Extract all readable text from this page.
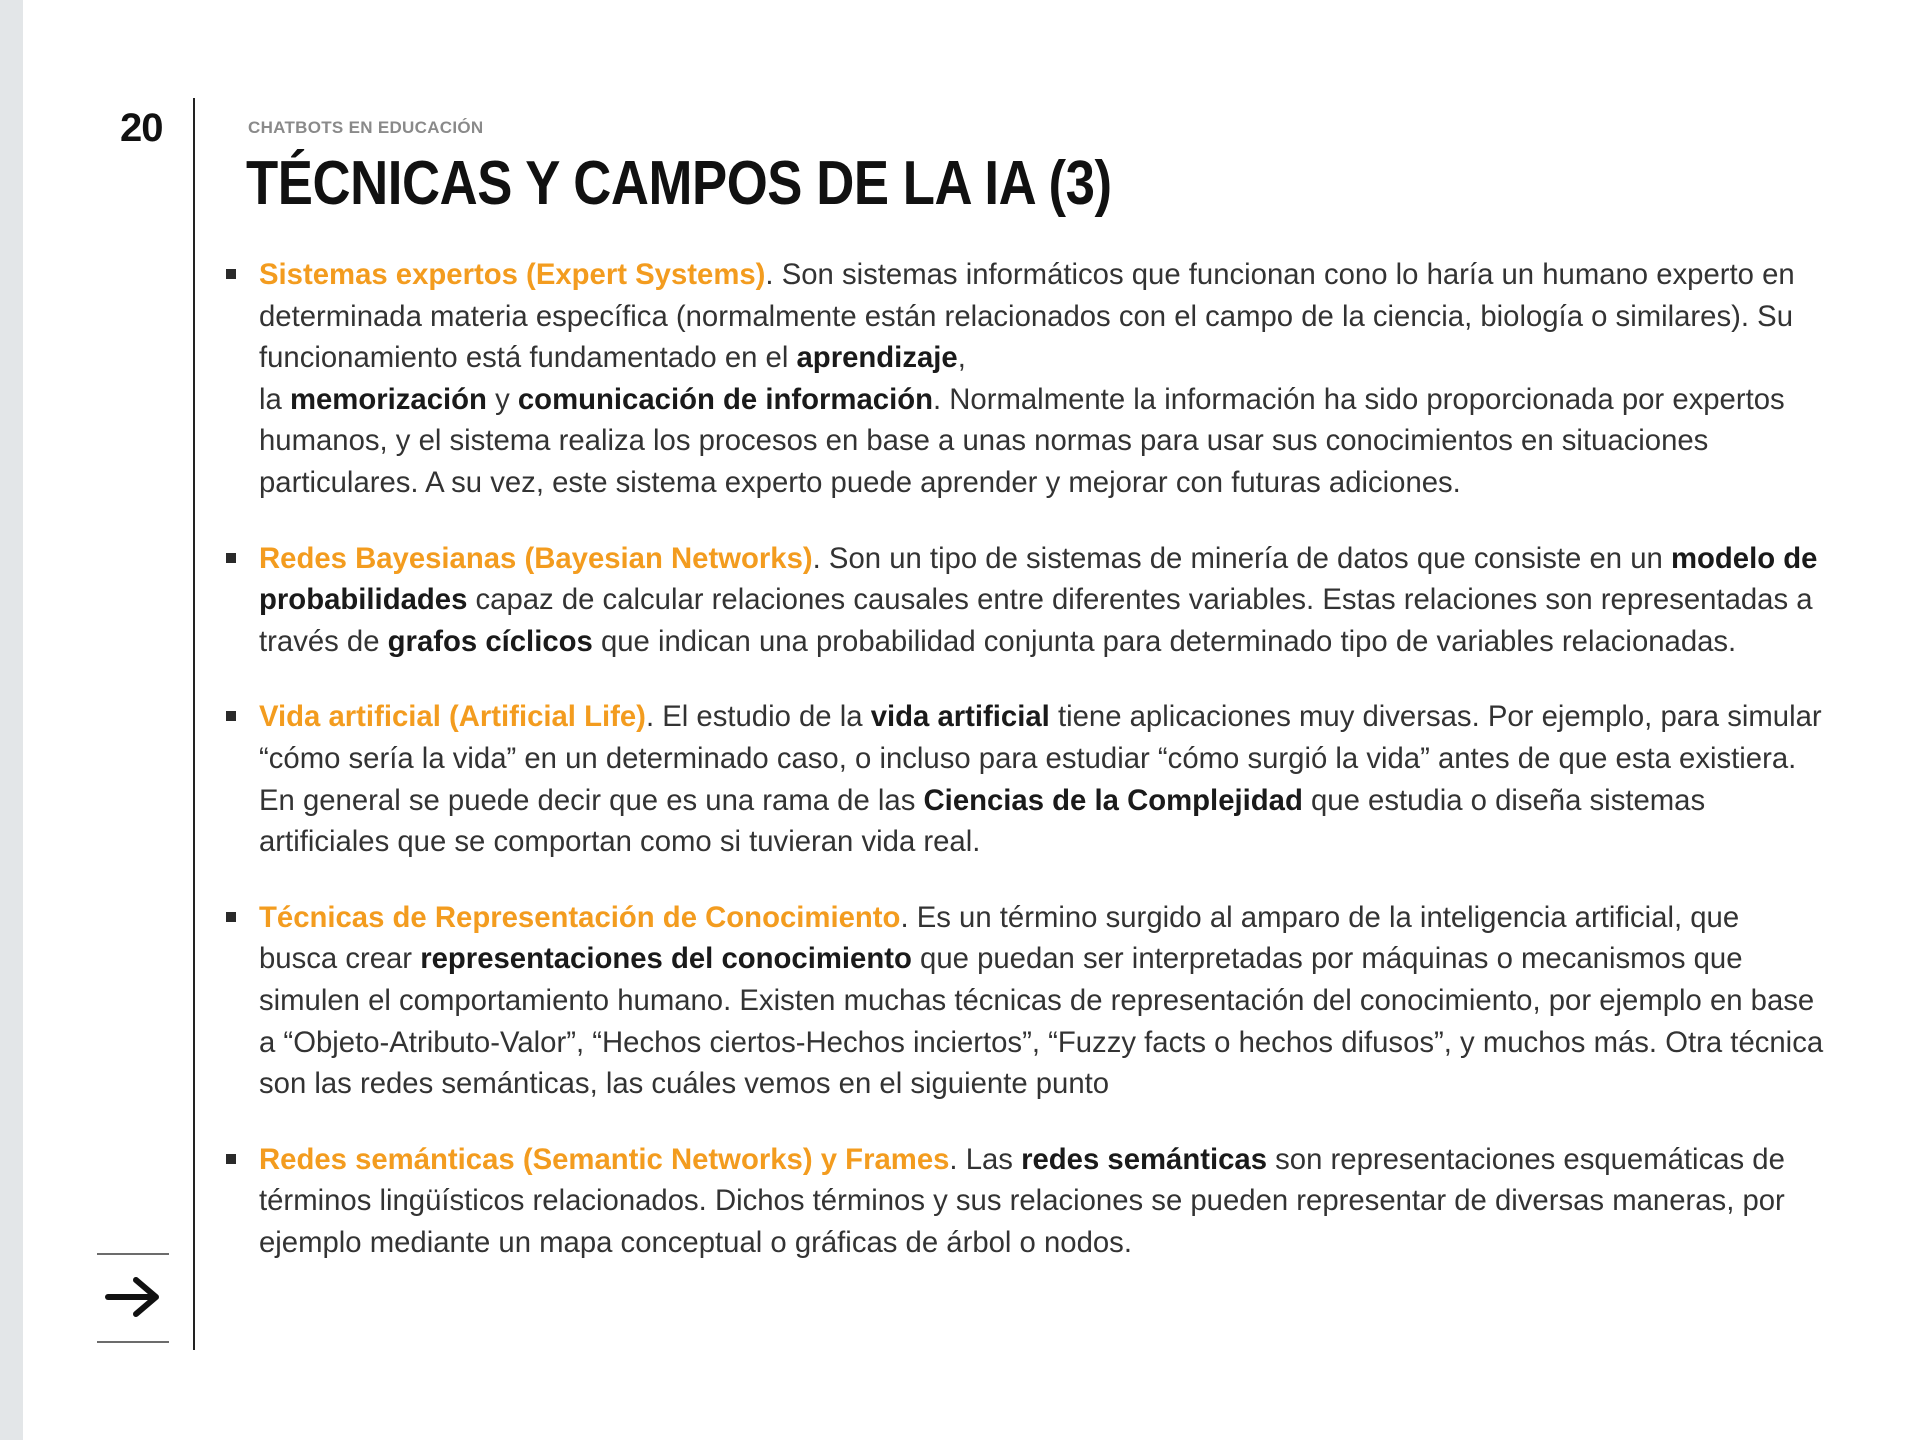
20	CHATBOTS EN EDUCACIÓN
TÉCNICAS Y CAMPOS DE LA IA (3)

Sistemas expertos (Expert Systems). Son sistemas informáticos que funcionan cono lo haría un humano experto en determinada materia específica (normalmente están relacionados con el campo de la ciencia, biología o similares). Su funcionamiento está fundamentado en el aprendizaje,
la memorización y comunicación de información. Normalmente la información ha sido proporcionada por expertos humanos, y el sistema realiza los procesos en base a unas normas para usar sus conocimientos en situaciones particulares. A su vez, este sistema experto puede aprender y mejorar con futuras adiciones.

Redes Bayesianas (Bayesian Networks). Son un tipo de sistemas de minería de datos que consiste en un modelo de probabilidades capaz de calcular relaciones causales entre diferentes variables. Estas relaciones son representadas a través de grafos cíclicos que indican una probabilidad conjunta para determinado tipo de variables relacionadas.

Vida artificial (Artificial Life). El estudio de la vida artificial tiene aplicaciones muy diversas. Por ejemplo, para simular “cómo sería la vida” en un determinado caso, o incluso para estudiar “cómo surgió la vida” antes de que esta existiera. En general se puede decir que es una rama de las Ciencias de la Complejidad que estudia o diseña sistemas artificiales que se comportan como si tuvieran vida real.

Técnicas de Representación de Conocimiento. Es un término surgido al amparo de la inteligencia artificial, que busca crear representaciones del conocimiento que puedan ser interpretadas por máquinas o mecanismos que simulen el comportamiento humano. Existen muchas técnicas de representación del conocimiento, por ejemplo en base a “Objeto-Atributo-Valor”, “Hechos ciertos-Hechos inciertos”, “Fuzzy facts o hechos difusos”, y muchos más. Otra técnica son las redes semánticas, las cuáles vemos en el siguiente punto

Redes semánticas (Semantic Networks) y Frames. Las redes semánticas son representaciones esquemáticas de términos lingüísticos relacionados. Dichos términos y sus relaciones se pueden representar de diversas maneras, por ejemplo mediante un mapa conceptual o gráficas de árbol o nodos.
